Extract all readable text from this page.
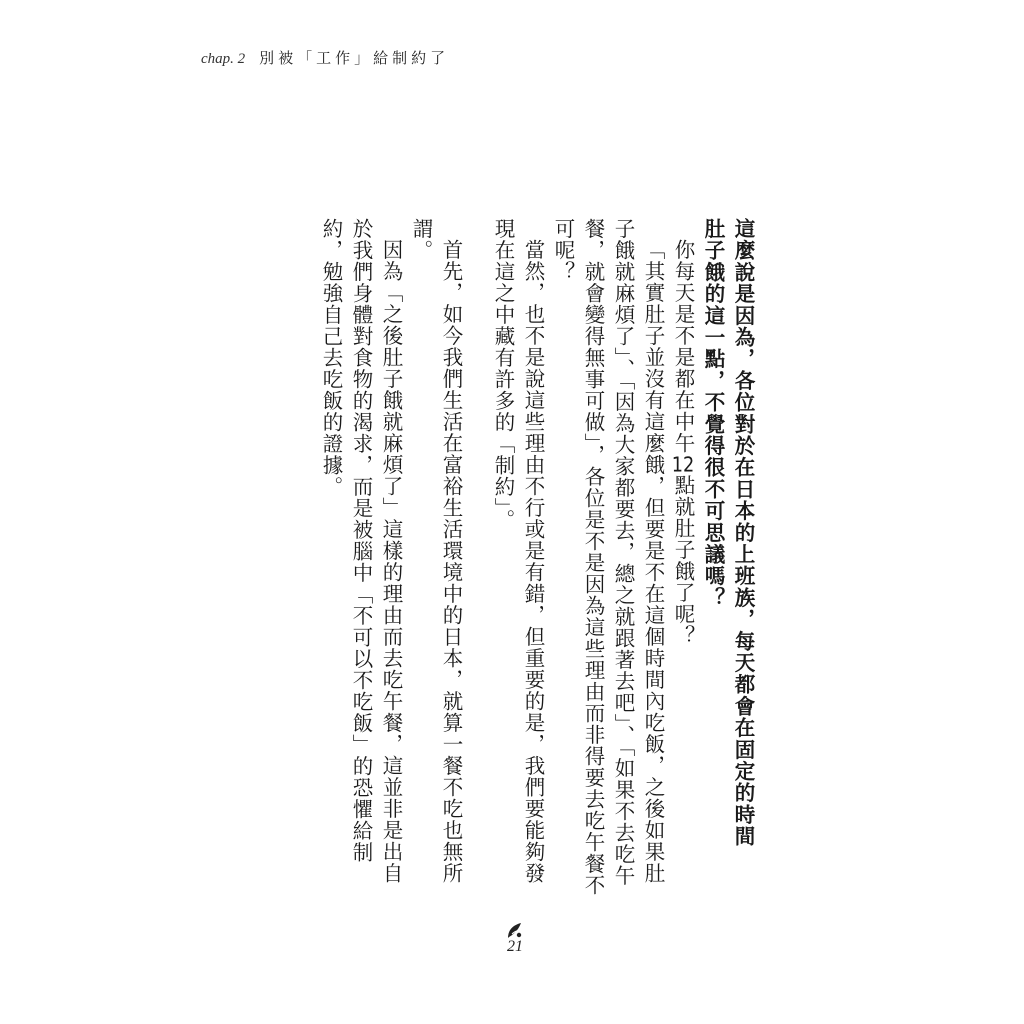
chap. 2 別被「工作」給制約了

這麼說是因為，各位對於在日本的上班族，每天都會在固定的時間

肚子餓的這一點，不覺得很不可思議嗎？

你每天是不是都在中午12點就肚子餓了呢？

「其實肚子並沒有這麼餓，但要是不在這個時間內吃飯，之後如果肚子餓就麻煩了」、「因為大家都要去，總之就跟著去吧」、「如果不去吃午餐，就會變得無事可做」，各位是不是因為這些理由而非得要去吃午餐不可呢？

當然，也不是說這些理由不行或是有錯，但重要的是，我們要能夠發現在這之中藏有許多的「制約」。

首先，如今我們生活在富裕生活環境中的日本，就算一餐不吃也無所謂。

因為「之後肚子餓就麻煩了」這樣的理由而去吃午餐，這並非是出自於我們身體對食物的渴求，而是被腦中「不可以不吃飯」的恐懼給制約，勉強自己去吃飯的證據。

21
